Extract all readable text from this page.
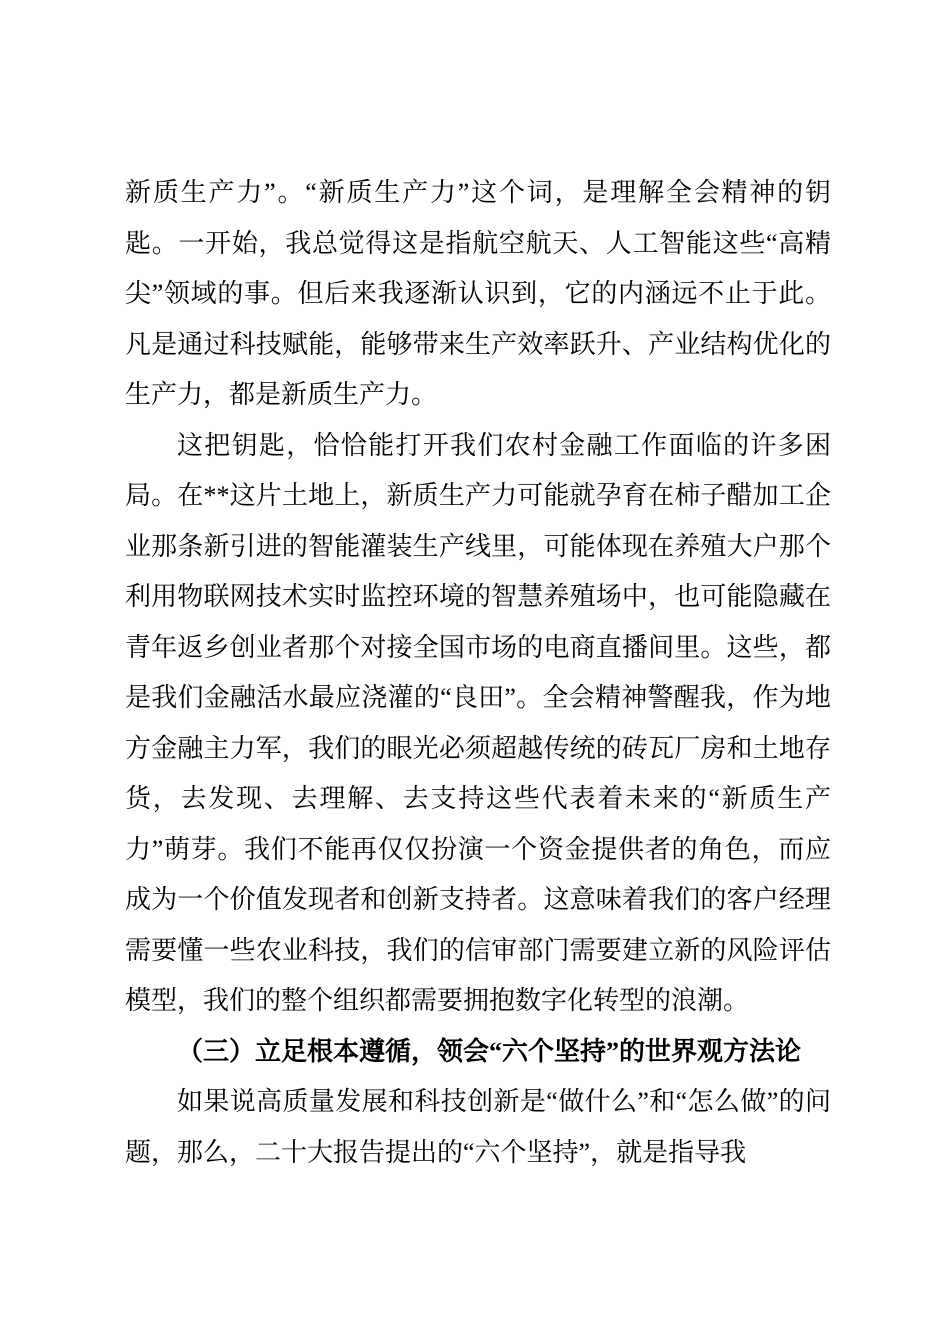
新质生产力”。“新质生产力”这个词，是理解全会精神的钥匙。一开始，我总觉得这是指航空航天、人工智能这些“高精尖”领域的事。但后来我逐渐认识到，它的内涵远不止于此。凡是通过科技赋能，能够带来生产效率跃升、产业结构优化的生产力，都是新质生产力。

这把钥匙，恰恰能打开我们农村金融工作面临的许多困局。在**这片土地上，新质生产力可能就孕育在柿子醋加工企业那条新引进的智能灌装生产线里，可能体现在养殖大户那个利用物联网技术实时监控环境的智慧养殖场中，也可能隐藏在青年返乡创业者那个对接全国市场的电商直播间里。这些，都是我们金融活水最应浇灌的“良田”。全会精神警醒我，作为地方金融主力军，我们的眼光必须超越传统的砖瓦厂房和土地存货，去发现、去理解、去支持这些代表着未来的“新质生产力”萌芽。我们不能再仅仅扮演一个资金提供者的角色，而应成为一个价值发现者和创新支持者。这意味着我们的客户经理需要懂一些农业科技，我们的信审部门需要建立新的风险评估模型，我们的整个组织都需要拥抱数字化转型的浪潮。

（三）立足根本遵循，领会“六个坚持”的世界观方法论

如果说高质量发展和科技创新是“做什么”和“怎么做”的问题，那么，二十大报告提出的“六个坚持”，就是指导我
